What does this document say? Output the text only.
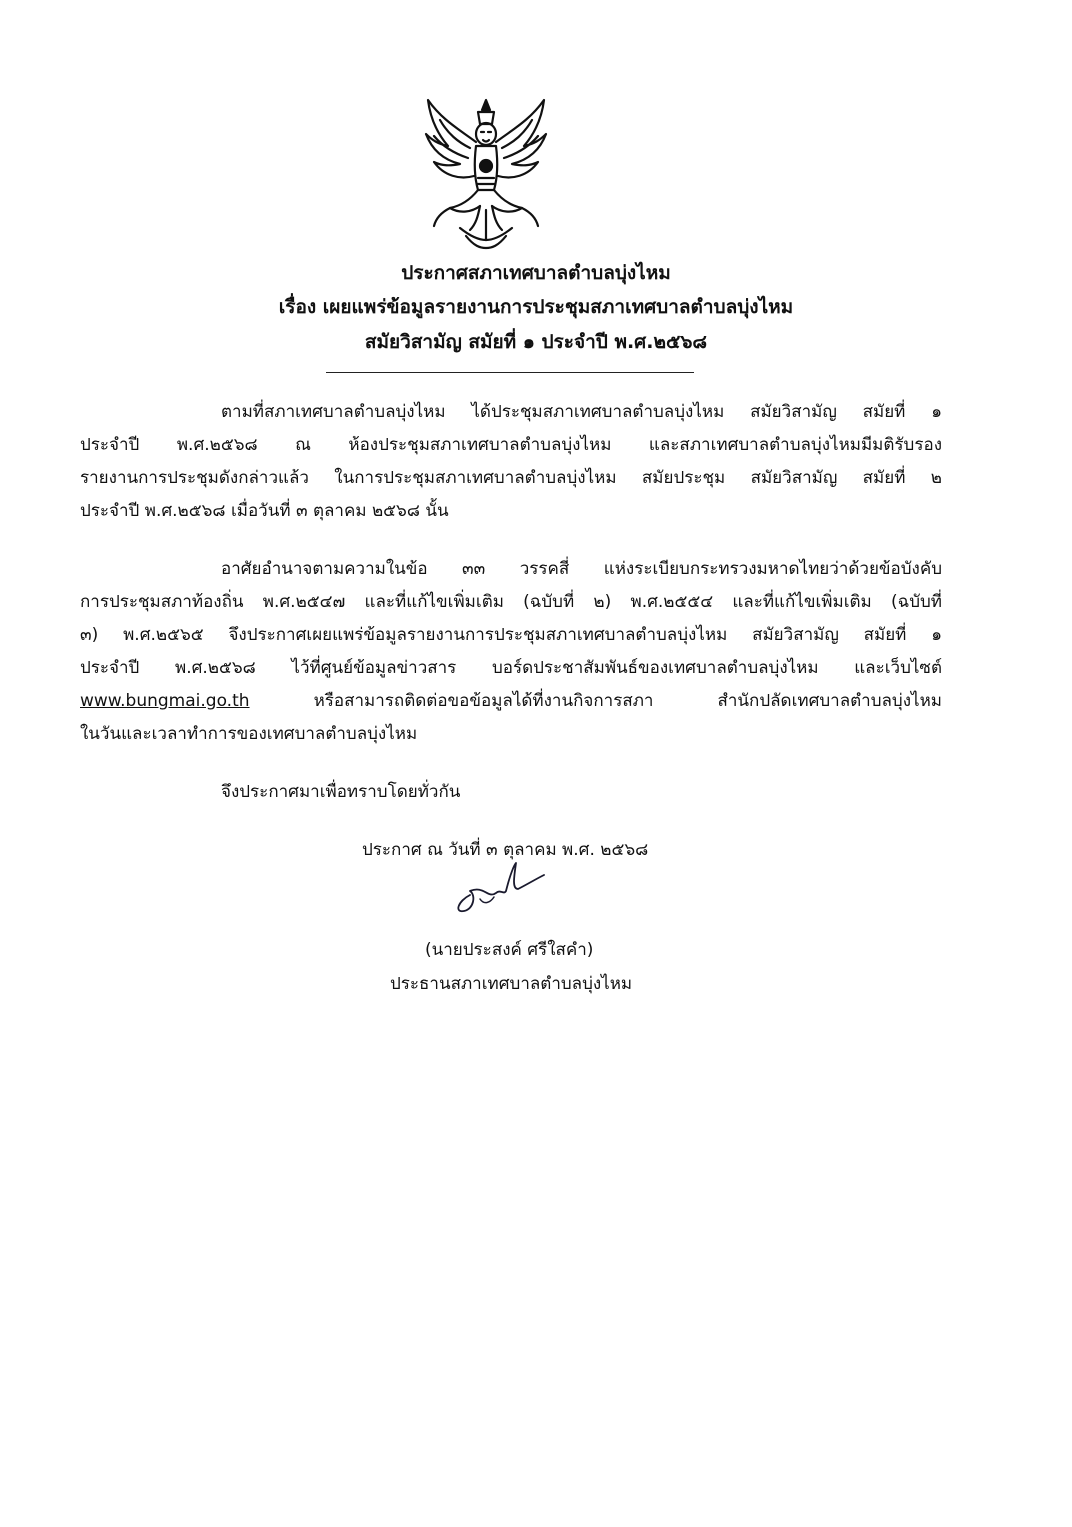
ประกาศสภาเทศบาลตำบลบุ่งไหม
เรื่อง เผยแพร่ข้อมูลรายงานการประชุมสภาเทศบาลตำบลบุ่งไหม
สมัยวิสามัญ สมัยที่ ๑ ประจำปี พ.ศ.๒๕๖๘
ตามที่สภาเทศบาลตำบลบุ่งไหม ได้ประชุมสภาเทศบาลตำบลบุ่งไหม สมัยวิสามัญ สมัยที่ ๑
ประจำปี พ.ศ.๒๕๖๘ ณ ห้องประชุมสภาเทศบาลตำบลบุ่งไหม และสภาเทศบาลตำบลบุ่งไหมมีมติรับรอง
รายงานการประชุมดังกล่าวแล้ว ในการประชุมสภาเทศบาลตำบลบุ่งไหม สมัยประชุม สมัยวิสามัญ สมัยที่ ๒
ประจำปี พ.ศ.๒๕๖๘ เมื่อวันที่ ๓ ตุลาคม ๒๕๖๘ นั้น
อาศัยอำนาจตามความในข้อ ๓๓ วรรคสี่ แห่งระเบียบกระทรวงมหาดไทยว่าด้วยข้อบังคับ
การประชุมสภาท้องถิ่น พ.ศ.๒๕๔๗ และที่แก้ไขเพิ่มเติม (ฉบับที่ ๒) พ.ศ.๒๕๕๔ และที่แก้ไขเพิ่มเติม (ฉบับที่
๓) พ.ศ.๒๕๖๕ จึงประกาศเผยแพร่ข้อมูลรายงานการประชุมสภาเทศบาลตำบลบุ่งไหม สมัยวิสามัญ สมัยที่ ๑
ประจำปี พ.ศ.๒๕๖๘ ไว้ที่ศูนย์ข้อมูลข่าวสาร บอร์ดประชาสัมพันธ์ของเทศบาลตำบลบุ่งไหม และเว็บไซต์
www.bungmai.go.th หรือสามารถติดต่อขอข้อมูลได้ที่งานกิจการสภา สำนักปลัดเทศบาลตำบลบุ่งไหม
ในวันและเวลาทำการของเทศบาลตำบลบุ่งไหม
จึงประกาศมาเพื่อทราบโดยทั่วกัน
ประกาศ ณ วันที่ ๓ ตุลาคม พ.ศ. ๒๕๖๘
(นายประสงค์ ศรีใสคำ)
ประธานสภาเทศบาลตำบลบุ่งไหม
